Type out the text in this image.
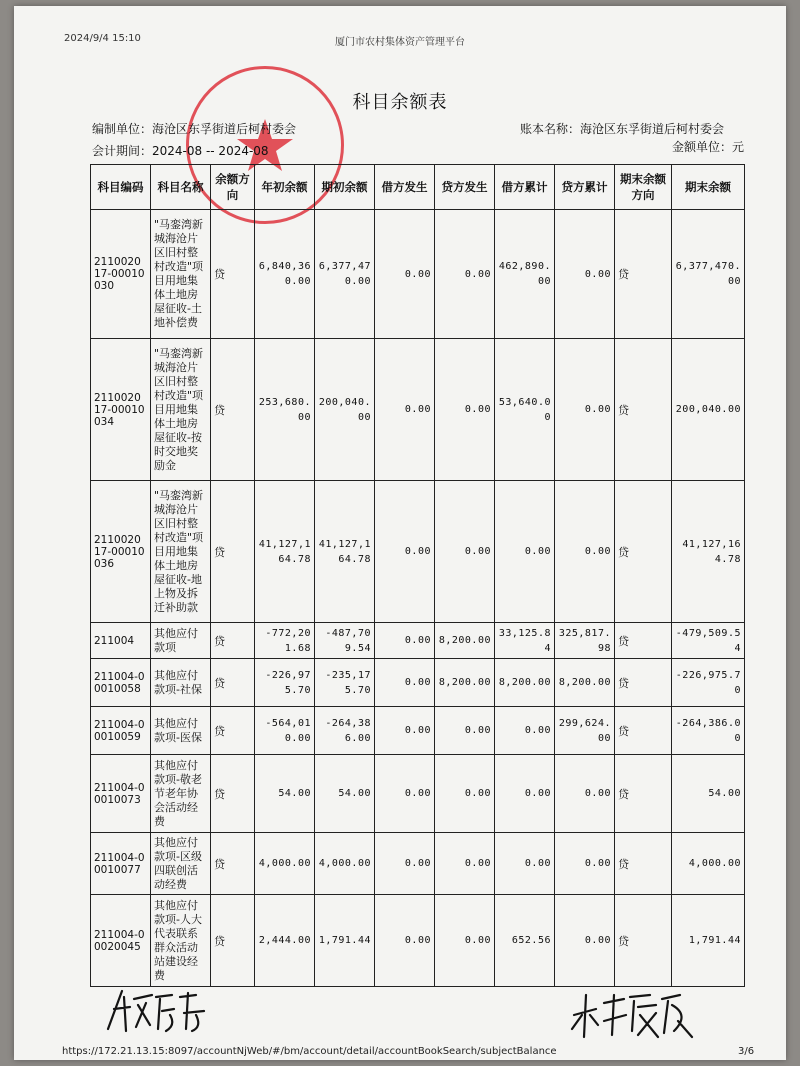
2024/9/4 15:10	厦门市农村集体资产管理平台
科目余额表
编制单位：海沧区东孚街道后柯村委会
会计期间：2024-08 -- 2024-08
账本名称：海沧区东孚街道后柯村委会
金额单位：元
科目编码	科目名称	余额方向	年初余额	期初余额	借方发生	贷方发生	借方累计	贷方累计	期末余额方向	期末余额
211002017-00010030	"马銮湾新城海沧片区旧村整村改造"项目用地集体土地房屋征收-土地补偿费	贷	6,840,360.00	6,377,470.00	0.00	0.00	462,890.00	0.00	贷	6,377,470.00
211002017-00010034	"马銮湾新城海沧片区旧村整村改造"项目用地集体土地房屋征收-按时交地奖励金	贷	253,680.00	200,040.00	0.00	0.00	53,640.00	0.00	贷	200,040.00
211002017-00010036	"马銮湾新城海沧片区旧村整村改造"项目用地集体土地房屋征收-地上物及拆迁补助款	贷	41,127,164.78	41,127,164.78	0.00	0.00	0.00	0.00	贷	41,127,164.78
211004	其他应付款项	贷	-772,201.68	-487,709.54	0.00	8,200.00	33,125.84	325,817.98	贷	-479,509.54
211004-00010058	其他应付款项-社保	贷	-226,975.70	-235,175.70	0.00	8,200.00	8,200.00	8,200.00	贷	-226,975.70
211004-00010059	其他应付款项-医保	贷	-564,010.00	-264,386.00	0.00	0.00	0.00	299,624.00	贷	-264,386.00
211004-00010073	其他应付款项-敬老节老年协会活动经费	贷	54.00	54.00	0.00	0.00	0.00	0.00	贷	54.00
211004-00010077	其他应付款项-区级四联创活动经费	贷	4,000.00	4,000.00	0.00	0.00	0.00	0.00	贷	4,000.00
211004-00020045	其他应付款项-人大代表联系群众活动站建设经费	贷	2,444.00	1,791.44	0.00	0.00	652.56	0.00	贷	1,791.44
https://172.21.13.15:8097/accountNjWeb/#/bm/account/detail/accountBookSearch/subjectBalance	3/6
